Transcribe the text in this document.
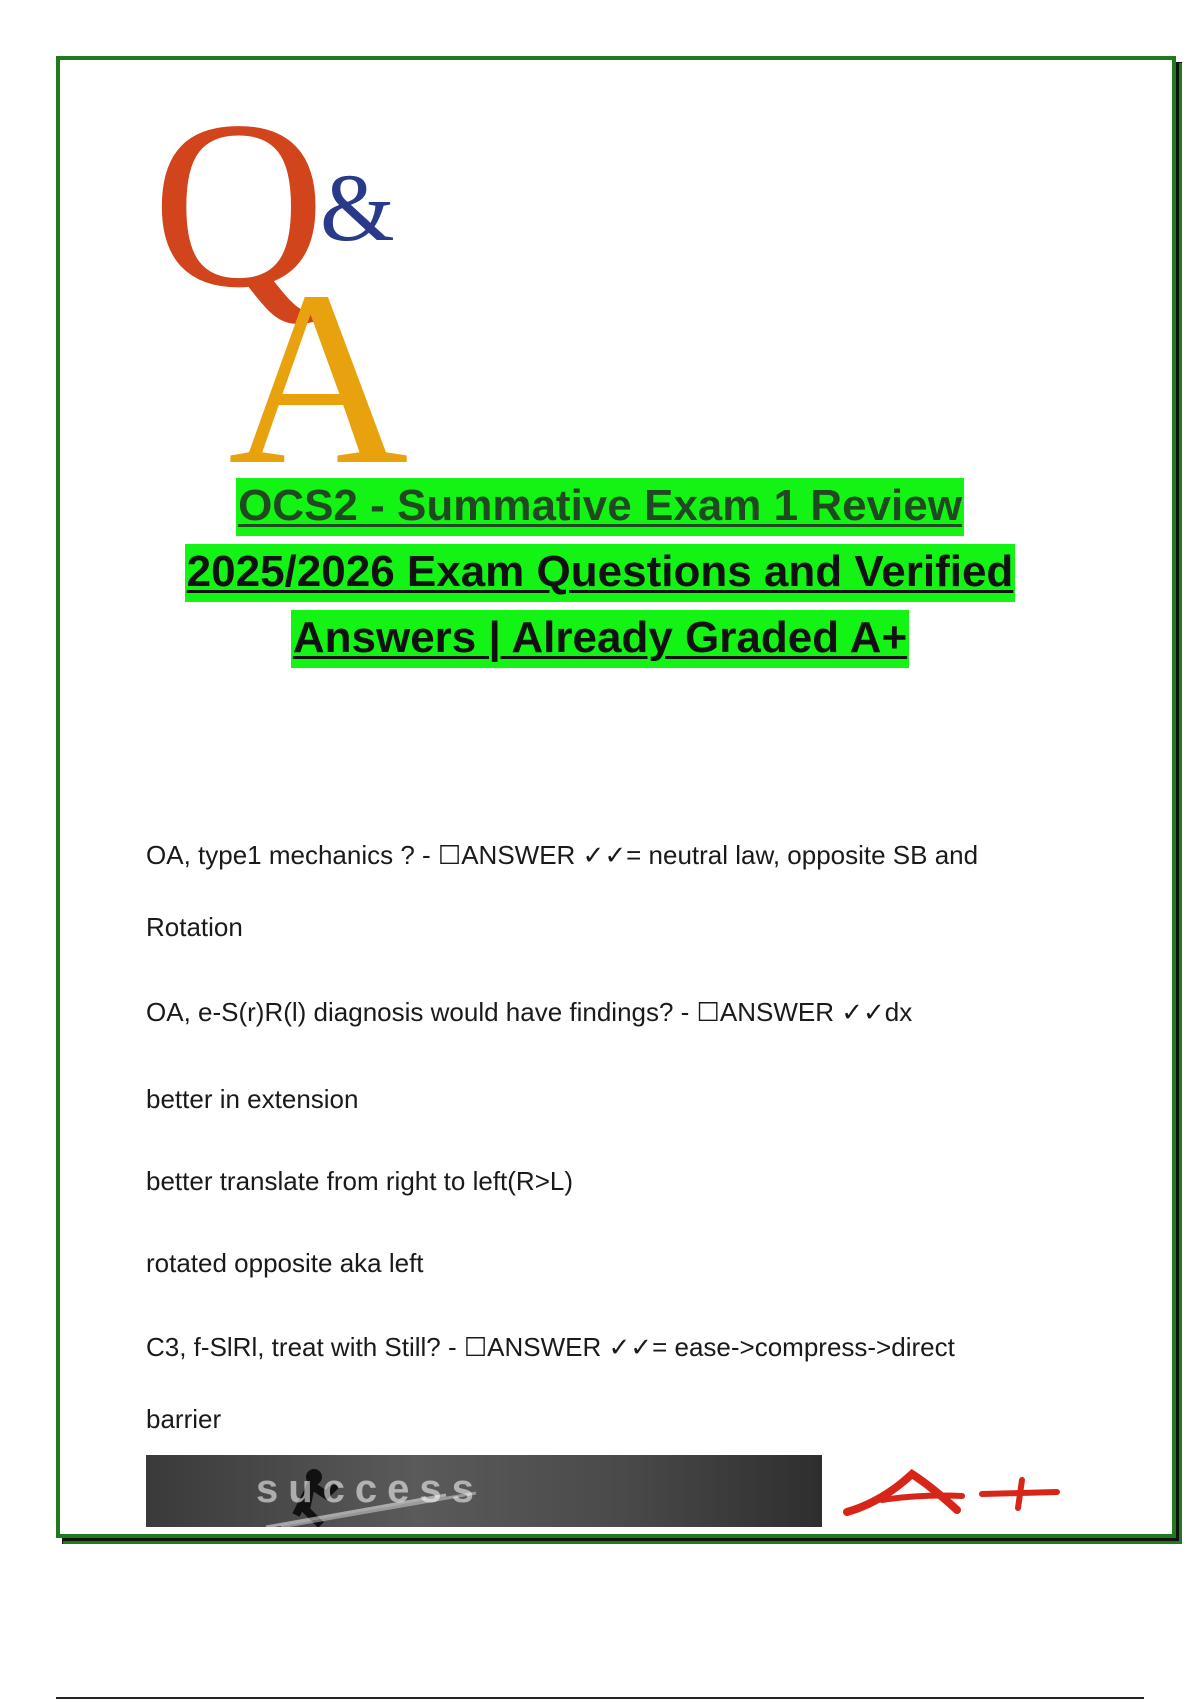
Q
&
A
OCS2 - Summative Exam 1 Review
2025/2026 Exam Questions and Verified
Answers | Already Graded A+

OA, type1 mechanics ? - ☐ANSWER ✓✓= neutral law, opposite SB and

Rotation

OA, e-S(r)R(l) diagnosis would have findings? - ☐ANSWER ✓✓dx

better in extension

better translate from right to left(R>L)

rotated opposite aka left

C3, f-SlRl, treat with Still? - ☐ANSWER ✓✓= ease->compress->direct

barrier

success
A+
